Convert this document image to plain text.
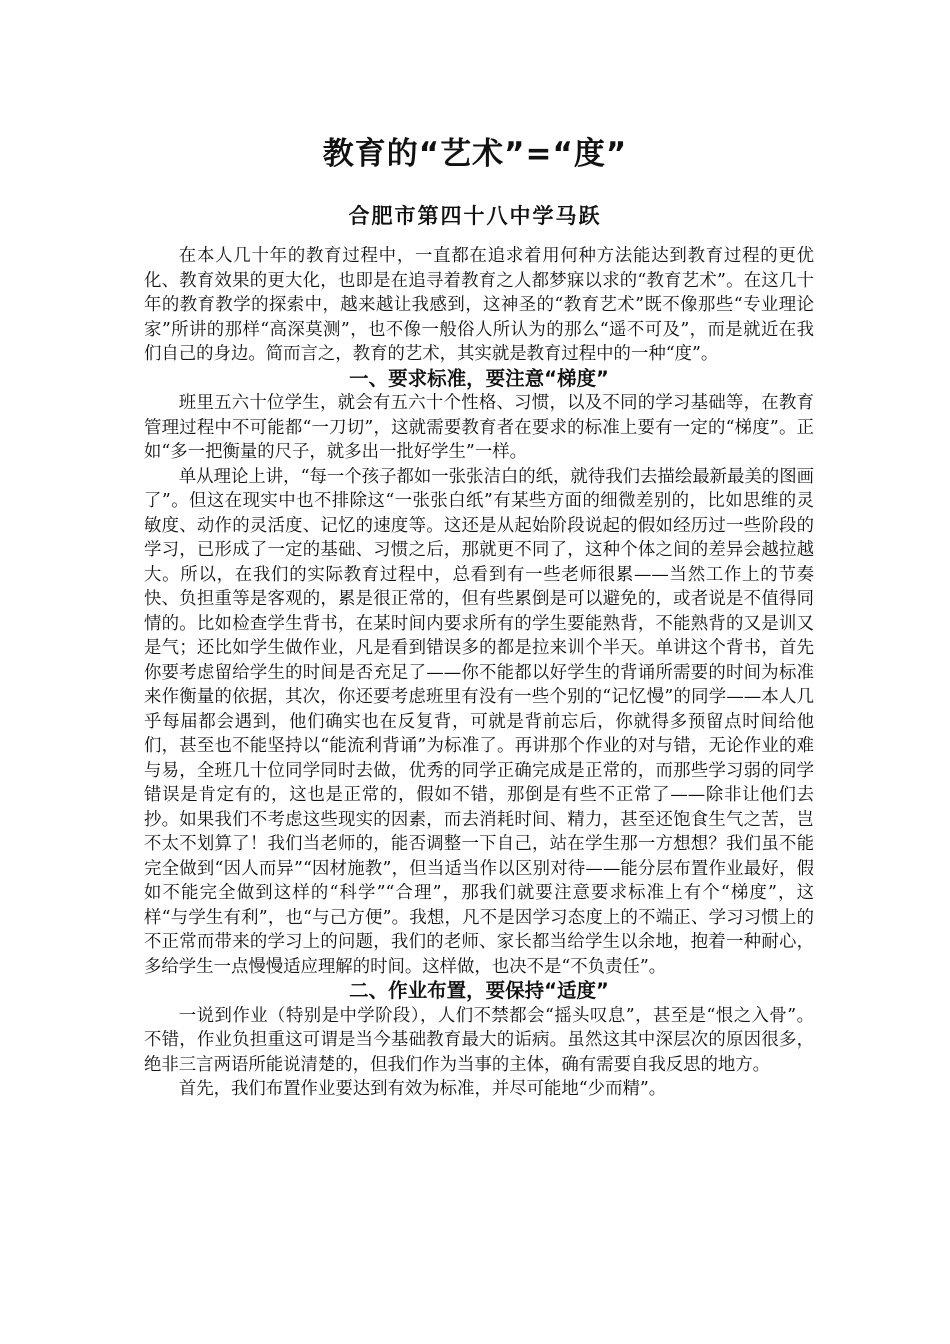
教育的“艺术”=“度”
合肥市第四十八中学马跃

在本人几十年的教育过程中，一直都在追求着用何种方法能达到教育过程的更优化、教育效果的更大化，也即是在追寻着教育之人都梦寐以求的“教育艺术”。在这几十年的教育教学的探索中，越来越让我感到，这神圣的“教育艺术”既不像那些“专业理论家”所讲的那样“高深莫测”，也不像一般俗人所认为的那么“遥不可及”，而是就近在我们自己的身边。简而言之，教育的艺术，其实就是教育过程中的一种“度”。

一、要求标准，要注意“梯度”

班里五六十位学生，就会有五六十个性格、习惯，以及不同的学习基础等，在教育管理过程中不可能都“一刀切”，这就需要教育者在要求的标准上要有一定的“梯度”。正如“多一把衡量的尺子，就多出一批好学生”一样。

单从理论上讲，“每一个孩子都如一张张洁白的纸，就待我们去描绘最新最美的图画了”。但这在现实中也不排除这“一张张白纸”有某些方面的细微差别的，比如思维的灵敏度、动作的灵活度、记忆的速度等。这还是从起始阶段说起的假如经历过一些阶段的学习，已形成了一定的基础、习惯之后，那就更不同了，这种个体之间的差异会越拉越大。所以，在我们的实际教育过程中，总看到有一些老师很累——当然工作上的节奏快、负担重等是客观的，累是很正常的，但有些累倒是可以避免的，或者说是不值得同情的。比如检查学生背书，在某时间内要求所有的学生要能熟背，不能熟背的又是训又是气；还比如学生做作业，凡是看到错误多的都是拉来训个半天。单讲这个背书，首先你要考虑留给学生的时间是否充足了——你不能都以好学生的背诵所需要的时间为标准来作衡量的依据，其次，你还要考虑班里有没有一些个别的“记忆慢”的同学——本人几乎每届都会遇到，他们确实也在反复背，可就是背前忘后，你就得多预留点时间给他们，甚至也不能坚持以“能流利背诵”为标准了。再讲那个作业的对与错，无论作业的难与易，全班几十位同学同时去做，优秀的同学正确完成是正常的，而那些学习弱的同学错误是肯定有的，这也是正常的，假如不错，那倒是有些不正常了——除非让他们去抄。如果我们不考虑这些现实的因素，而去消耗时间、精力，甚至还饱食生气之苦，岂不太不划算了！我们当老师的，能否调整一下自己，站在学生那一方想想？我们虽不能完全做到“因人而异”“因材施教”，但当适当作以区别对待——能分层布置作业最好，假如不能完全做到这样的“科学”“合理”，那我们就要注意要求标准上有个“梯度”，这样“与学生有利”，也“与己方便”。我想，凡不是因学习态度上的不端正、学习习惯上的不正常而带来的学习上的问题，我们的老师、家长都当给学生以余地，抱着一种耐心，多给学生一点慢慢适应理解的时间。这样做，也决不是“不负责任”。

二、作业布置，要保持“适度”

一说到作业（特别是中学阶段），人们不禁都会“摇头叹息”，甚至是“恨之入骨”。不错，作业负担重这可谓是当今基础教育最大的诟病。虽然这其中深层次的原因很多，绝非三言两语所能说清楚的，但我们作为当事的主体，确有需要自我反思的地方。

首先，我们布置作业要达到有效为标准，并尽可能地“少而精”。
